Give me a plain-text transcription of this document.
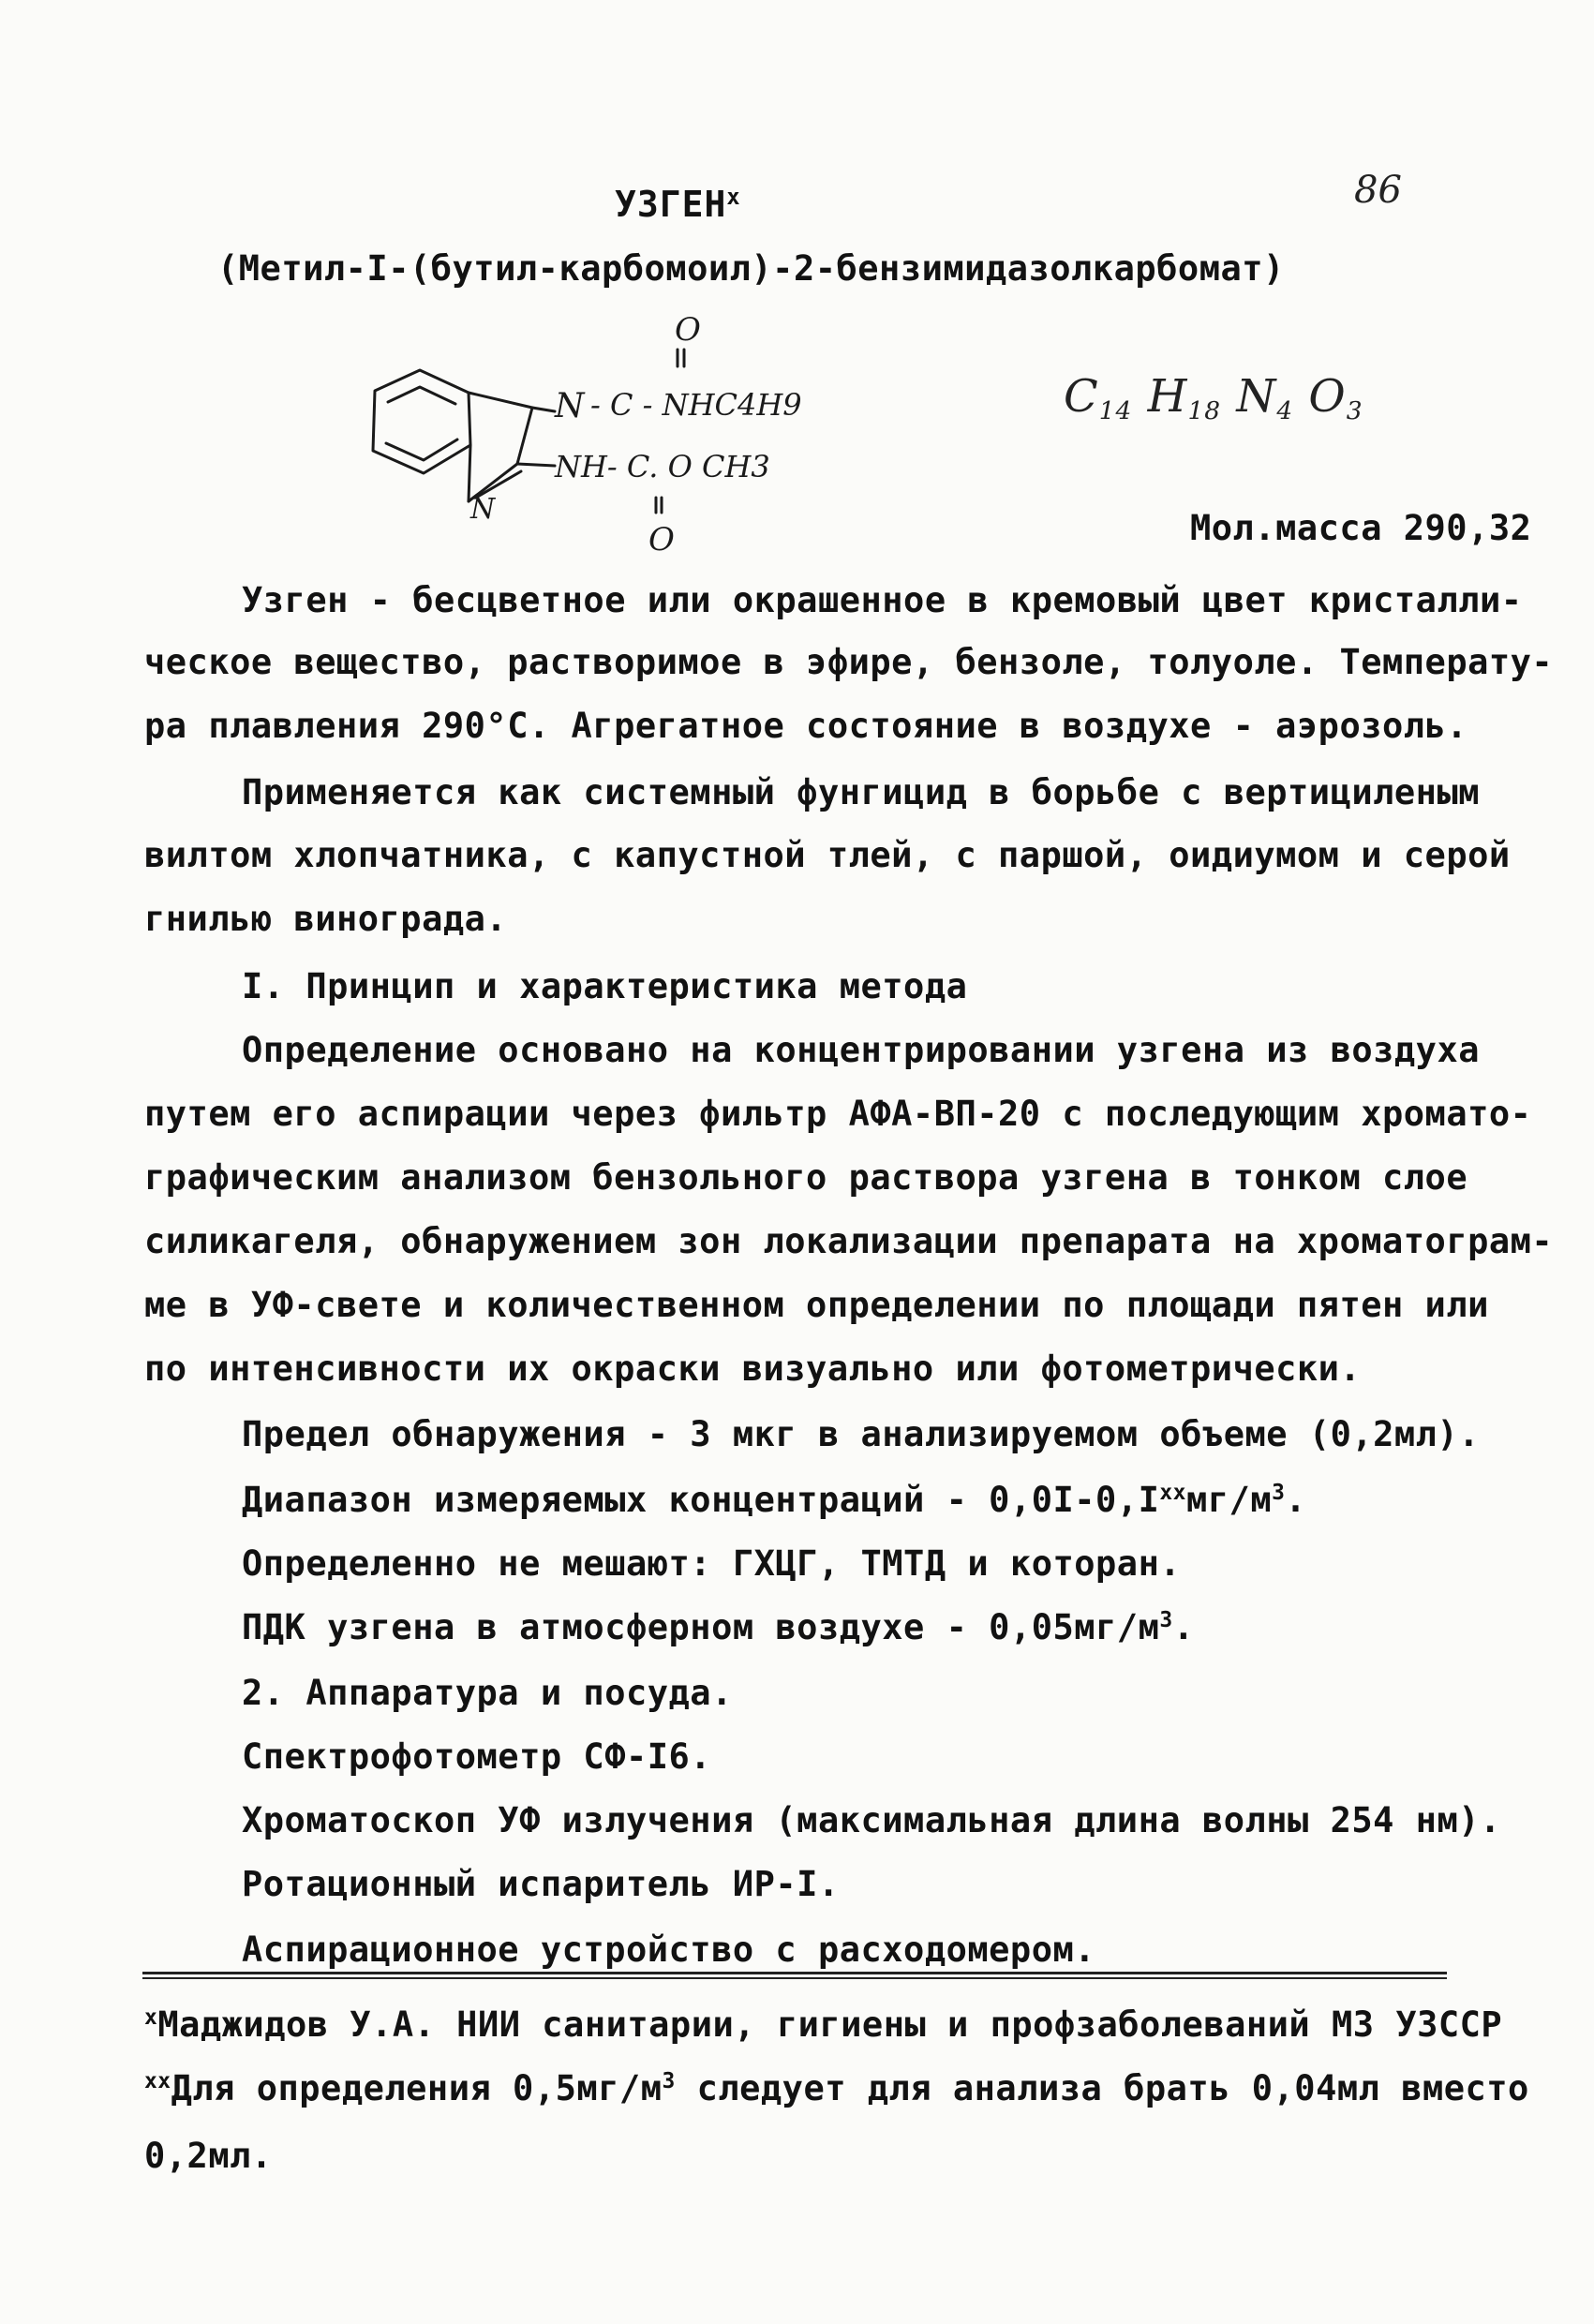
УЗГЕН$^x$	86
(Метил-I-(бутил-карбомоил)-2-бензимидазолкарбомат)
O
N - C - NHC4H9
N
NH- C. O CH3
O
$C_{14}$ $H_{18}$ $N_4$ $O_3$
Мол.масса 290,32
Узген - бесцветное или окрашенное в кремовый цвет кристалли-
ческое вещество, растворимое в эфире, бензоле, толуоле. Температу-
ра плавления 290°С. Агрегатное состояние в воздухе - аэрозоль.
Применяется как системный фунгицид в борьбе с вертициленым
вилтом хлопчатника, с капустной тлей, с паршой, оидиумом и серой
гнилью винограда.
I. Принцип и характеристика метода
Определение основано на концентрировании узгена из воздуха
путем его аспирации через фильтр АФА-ВП-20 с последующим хромато-
графическим анализом бензольного раствора узгена в тонком слое
силикагеля, обнаружением зон локализации препарата на хроматограм-
ме в УФ-свете и количественном определении по площади пятен или
по интенсивности их окраски визуально или фотометрически.
Предел обнаружения - 3 мкг в анализируемом объеме (0,2мл).
Диапазон измеряемых концентраций - $0,0I-0,I^{xx}мг/м^3$.
Определенно не мешают: ГХЦГ, ТМТД и которан.
ПДК узгена в атмосферном воздухе - $0,05мг/м^3$.
2. Аппаратура и посуда.
Спектрофотометр СФ-I6.
Хроматоскоп УФ излучения (максимальная длина волны 254 нм).
Ротационный испаритель ИР-I.
Аспирационное устройство с расходомером.
$^x$Маджидов У.А. НИИ санитарии, гигиены и профзаболеваний МЗ УЗССР
$^{xx}$Для определения $0,5мг/м^3$ следует для анализа брать 0,04мл вместо
0,2мл.
